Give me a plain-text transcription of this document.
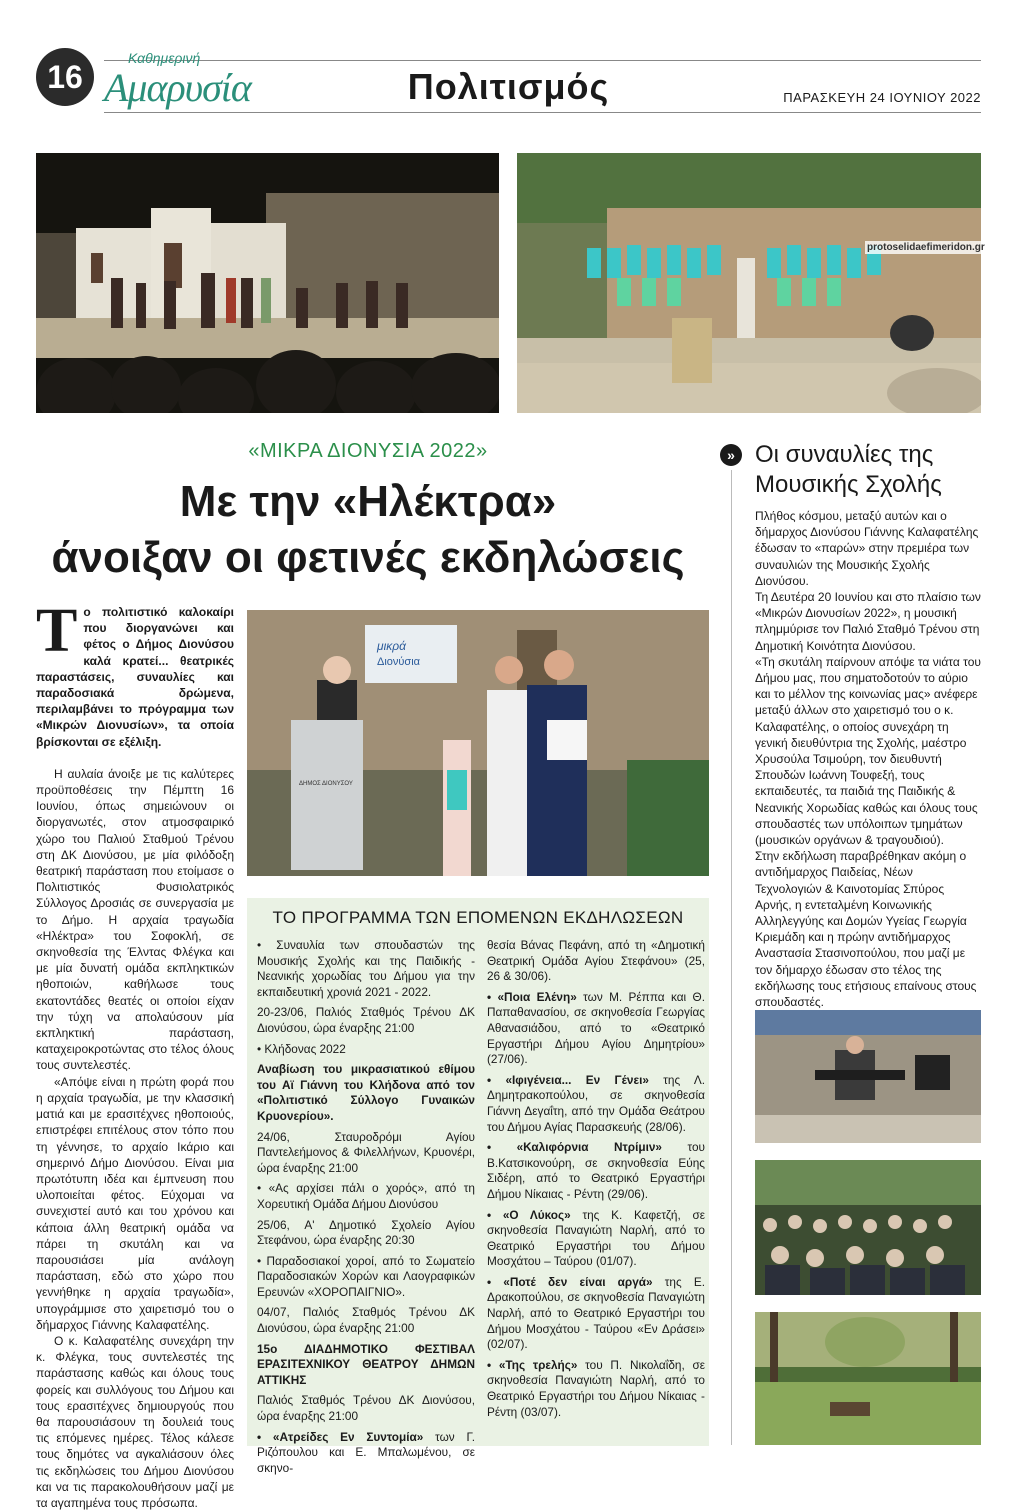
16
Καθημερινή
Αμαρυσία	Πολιτισμός	ΠΑΡΑΣΚΕΥΗ 24 ΙΟΥΝΙΟΥ 2022
protoselidaefimeridon.gr
«ΜΙΚΡΑ ΔΙΟΝΥΣΙΑ 2022»
Με την «Ηλέκτρα»
άνοιξαν οι φετινές εκδηλώσεις

Το πολιτιστικό καλοκαίρι που διοργανώνει και φέτος ο Δήμος Διονύσου καλά κρατεί... θεατρικές παραστάσεις, συναυλίες και παραδοσιακά δρώμενα, περιλαμβάνει το πρόγραμμα των «Μικρών Διονυσίων», τα οποία βρίσκονται σε εξέλιξη.

Η αυλαία άνοιξε με τις καλύτερες προϋποθέσεις την Πέμπτη 16 Ιουνίου, όπως σημειώνουν οι διοργανωτές, στον ατμοσφαιρικό χώρο του Παλιού Σταθμού Τρένου στη ΔΚ Διονύσου, με μία φιλόδοξη θεατρική παράσταση που ετοίμασε ο Πολιτιστικός Φυσιολατρικός Σύλλογος Δροσιάς σε συνεργασία με το Δήμο. Η αρχαία τραγωδία «Ηλέκτρα» του Σοφοκλή, σε σκηνοθεσία της Έλντας Φλέγκα και με μία δυνατή ομάδα εκπληκτικών ηθοποιών, καθήλωσε τους εκατοντάδες θεατές οι οποίοι είχαν την τύχη να απολαύσουν μία εκπληκτική παράσταση, καταχειροκροτώντας στο τέλος όλους τους συντελεστές.

«Απόψε είναι η πρώτη φορά που η αρχαία τραγωδία, με την κλασσική ματιά και με ερασιτέχνες ηθοποιούς, επιστρέφει επιτέλους στον τόπο που τη γέννησε, το αρχαίο Ικάριο και σημερινό Δήμο Διονύσου. Είναι μια πρωτότυπη ιδέα και έμπνευση που υλοποιείται φέτος. Εύχομαι να συνεχιστεί αυτό και του χρόνου και κάποια άλλη θεατρική ομάδα να πάρει τη σκυτάλη και να παρουσιάσει μία ανάλογη παράσταση, εδώ στο χώρο που γεννήθηκε η αρχαία τραγωδία», υπογράμμισε στο χαιρετισμό του ο δήμαρχος Γιάννης Καλαφατέλης.

Ο κ. Καλαφατέλης συνεχάρη την κ. Φλέγκα, τους συντελεστές της παράστασης καθώς και όλους τους φορείς και συλλόγους του Δήμου και τους ερασιτέχνες δημιουργούς που θα παρουσιάσουν τη δουλειά τους τις επόμενες ημέρες. Τέλος κάλεσε τους δημότες να αγκαλιάσουν όλες τις εκδηλώσεις του Δήμου Διονύσου και να τις παρακολουθήσουν μαζί με τα αγαπημένα τους πρόσωπα.

μικρά
Διονύσια
ΔΗΜΟΣ ΔΙΟΝΥΣΟΥ
ΤΟ ΠΡΟΓΡΑΜΜΑ ΤΩΝ ΕΠΟΜΕΝΩΝ ΕΚΔΗΛΩΣΕΩΝ

• Συναυλία των σπουδαστών της Μουσικής Σχολής και της Παιδικής - Νεανικής χορωδίας του Δήμου για την εκπαιδευτική χρονιά 2021 - 2022.

20-23/06, Παλιός Σταθμός Τρένου ΔΚ Διονύσου, ώρα έναρξης 21:00

• Κλήδονας 2022

Αναβίωση του μικρασιατικού εθίμου του Αϊ Γιάννη του Κλήδονα από τον «Πολιτιστικό Σύλλογο Γυναικών Κρυονερίου».

24/06, Σταυροδρόμι Αγίου Παντελεήμονος & Φιλελλήνων, Κρυονέρι, ώρα έναρξης 21:00

• «Ας αρχίσει πάλι ο χορός», από τη Χορευτική Ομάδα Δήμου Διονύσου

25/06, Α' Δημοτικό Σχολείο Αγίου Στεφάνου, ώρα έναρξης 20:30

• Παραδοσιακοί χοροί, από το Σωματείο Παραδοσιακών Χορών και Λαογραφικών Ερευνών «ΧΟΡΟΠΑΙΓΝΙΟ».

04/07, Παλιός Σταθμός Τρένου ΔΚ Διονύσου, ώρα έναρξης 21:00

15ο ΔΙΑΔΗΜΟΤΙΚΟ ΦΕΣΤΙΒΑΛ ΕΡΑΣΙΤΕΧΝΙΚΟΥ ΘΕΑΤΡΟΥ ΔΗΜΩΝ ΑΤΤΙΚΗΣ

Παλιός Σταθμός Τρένου ΔΚ Διονύσου, ώρα έναρξης 21:00

• «Ατρείδες Εν Συντομία» των Γ. Ριζόπουλου και Ε. Μπαλωμένου, σε σκηνο-

θεσία Βάνας Πεφάνη, από τη «Δημοτική Θεατρική Ομάδα Αγίου Στεφάνου» (25, 26 & 30/06).

• «Ποια Ελένη» των Μ. Ρέππα και Θ. Παπαθανασίου, σε σκηνοθεσία Γεωργίας Αθανασιάδου, από το «Θεατρικό Εργαστήρι Δήμου Αγίου Δημητρίου» (27/06).

• «Ιφιγένεια... Εν Γένει» της Λ. Δημητρακοπούλου, σε σκηνοθεσία Γιάννη Δεγαΐτη, από την Ομάδα Θεάτρου του Δήμου Αγίας Παρασκευής (28/06).

• «Καλιφόρνια Ντρίμιν» του Β.Κατσικονούρη, σε σκηνοθεσία Εύης Σιδέρη, από το Θεατρικό Εργαστήρι Δήμου Νίκαιας - Ρέντη (29/06).

• «Ο Λύκος» της Κ. Καφετζή, σε σκηνοθεσία Παναγιώτη Ναρλή, από το Θεατρικό Εργαστήρι του Δήμου Μοσχάτου – Ταύρου (01/07).

• «Ποτέ δεν είναι αργά» της Ε. Δρακοπούλου, σε σκηνοθεσία Παναγιώτη Ναρλή, από το Θεατρικό Εργαστήρι του Δήμου Μοσχάτου - Ταύρου «Εν Δράσει» (02/07).

• «Της τρελής» του Π. Νικολαΐδη, σε σκηνοθεσία Παναγιώτη Ναρλή, από το Θεατρικό Εργαστήρι του Δήμου Νίκαιας - Ρέντη (03/07).

» Οι συναυλίες της Μουσικής Σχολής

Πλήθος κόσμου, μεταξύ αυτών και ο δήμαρχος Διονύσου Γιάννης Καλαφατέλης έδωσαν το «παρών» στην πρεμιέρα των συναυλιών της Μουσικής Σχολής Διονύσου.

Τη Δευτέρα 20 Ιουνίου και στο πλαίσιο των «Μικρών Διονυσίων 2022», η μουσική πλημμύρισε τον Παλιό Σταθμό Τρένου στη Δημοτική Κοινότητα Διονύσου.

«Τη σκυτάλη παίρνουν απόψε τα νιάτα του Δήμου μας, που σηματοδοτούν το αύριο και το μέλλον της κοινωνίας μας» ανέφερε μεταξύ άλλων στο χαιρετισμό του ο κ. Καλαφατέλης, ο οποίος συνεχάρη τη γενική διευθύντρια της Σχολής, μαέστρο Χρυσούλα Τσιμούρη, τον διευθυντή Σπουδών Ιωάννη Τουφεξή, τους εκπαιδευτές, τα παιδιά της Παιδικής & Νεανικής Χορωδίας καθώς και όλους τους σπουδαστές των υπόλοιπων τμημάτων (μουσικών οργάνων & τραγουδιού).

Στην εκδήλωση παραβρέθηκαν ακόμη ο αντιδήμαρχος Παιδείας, Νέων Τεχνολογιών & Καινοτομίας Σπύρος Αρνής, η εντεταλμένη Κοινωνικής Αλληλεγγύης και Δομών Υγείας Γεωργία Κριεμάδη και η πρώην αντιδήμαρχος Αναστασία Στασινοπούλου, που μαζί με τον δήμαρχο έδωσαν στο τέλος της εκδήλωσης τους ετήσιους επαίνους στους σπουδαστές.
